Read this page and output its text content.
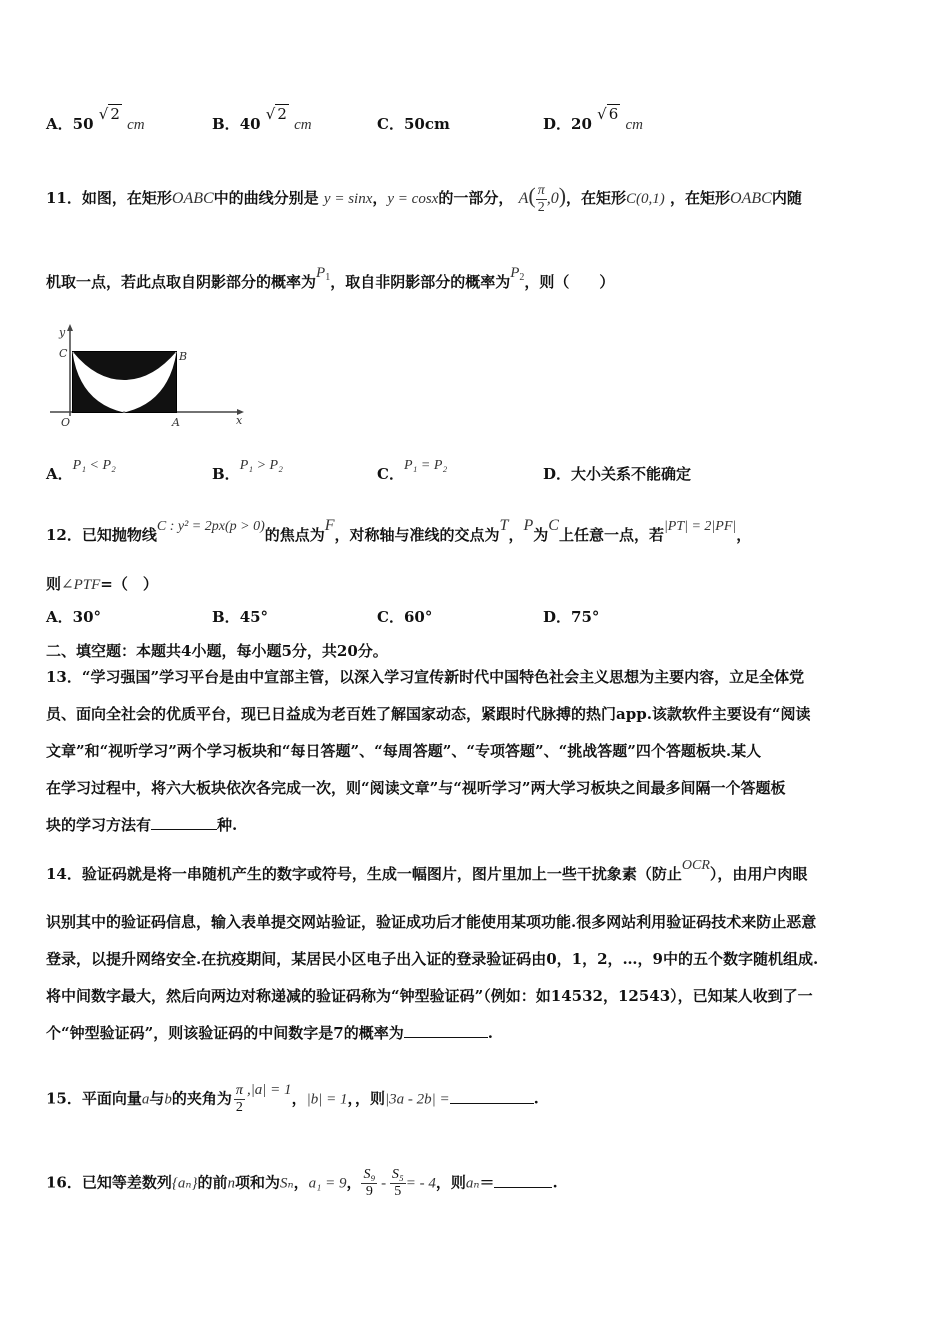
A．50 √ 2 cm	B．40 √ 2 cm	C．50cm	D．20 √ 6 cm
11．如图，在矩形OABC中的曲线分别是 y = sinx，y = cosx的一部分， $A( \frac{\pi}{2} ,0)$，在矩形C(0,1) ，在矩形OABC内随
机取一点，若此点取自阴影部分的概率为$P_1$，取自非阴影部分的概率为$P_2$，则（　　）
y
x
C	B
O	A
A．P₁ < P₂	B．P₁ > P₂	C．P₁ = P₂	D．大小关系不能确定
12．已知抛物线C : y² = 2px(p > 0)的焦点为F，对称轴与准线的交点为T，P为C上任意一点，若|PT| = 2|PF|，
则∠PTF=（　）
A．30°	B．45°	C．60°	D．75°
二、填空题：本题共4小题，每小题5分，共20分。
13．“学习强国”学习平台是由中宣部主管，以深入学习宣传新时代中国特色社会主义思想为主要内容，立足全体党
员、面向全社会的优质平台，现已日益成为老百姓了解国家动态，紧跟时代脉搏的热门app.该款软件主要设有“阅读
文章”和“视听学习”两个学习板块和“每日答题”、“每周答题”、“专项答题”、“挑战答题”四个答题板块.某人
在学习过程中，将六大板块依次各完成一次，则“阅读文章”与“视听学习”两大学习板块之间最多间隔一个答题板
块的学习方法有	种.
14．验证码就是将一串随机产生的数字或符号，生成一幅图片，图片里加上一些干扰象素（防止OCR），由用户肉眼
识别其中的验证码信息，输入表单提交网站验证，验证成功后才能使用某项功能.很多网站利用验证码技术来防止恶意
登录，以提升网络安全.在抗疫期间，某居民小区电子出入证的登录验证码由0，1，2，…，9中的五个数字随机组成.
将中间数字最大，然后向两边对称递减的验证码称为“钟型验证码”（例如：如14532，12543），已知某人收到了一
个“钟型验证码”，则该验证码的中间数字是7的概率为	.
15．平面向量a与b的夹角为 $\frac{\pi}{2} ,|a| = 1$，|b| = 1，，则|3a - 2b| =	.
16．已知等差数列{aₙ}的前n项和为Sₙ，a₁ = 9， $\frac{\text{S₉}}{9} - \frac{\text{S₅}}{5}$ = - 4，则aₙ＝	.
